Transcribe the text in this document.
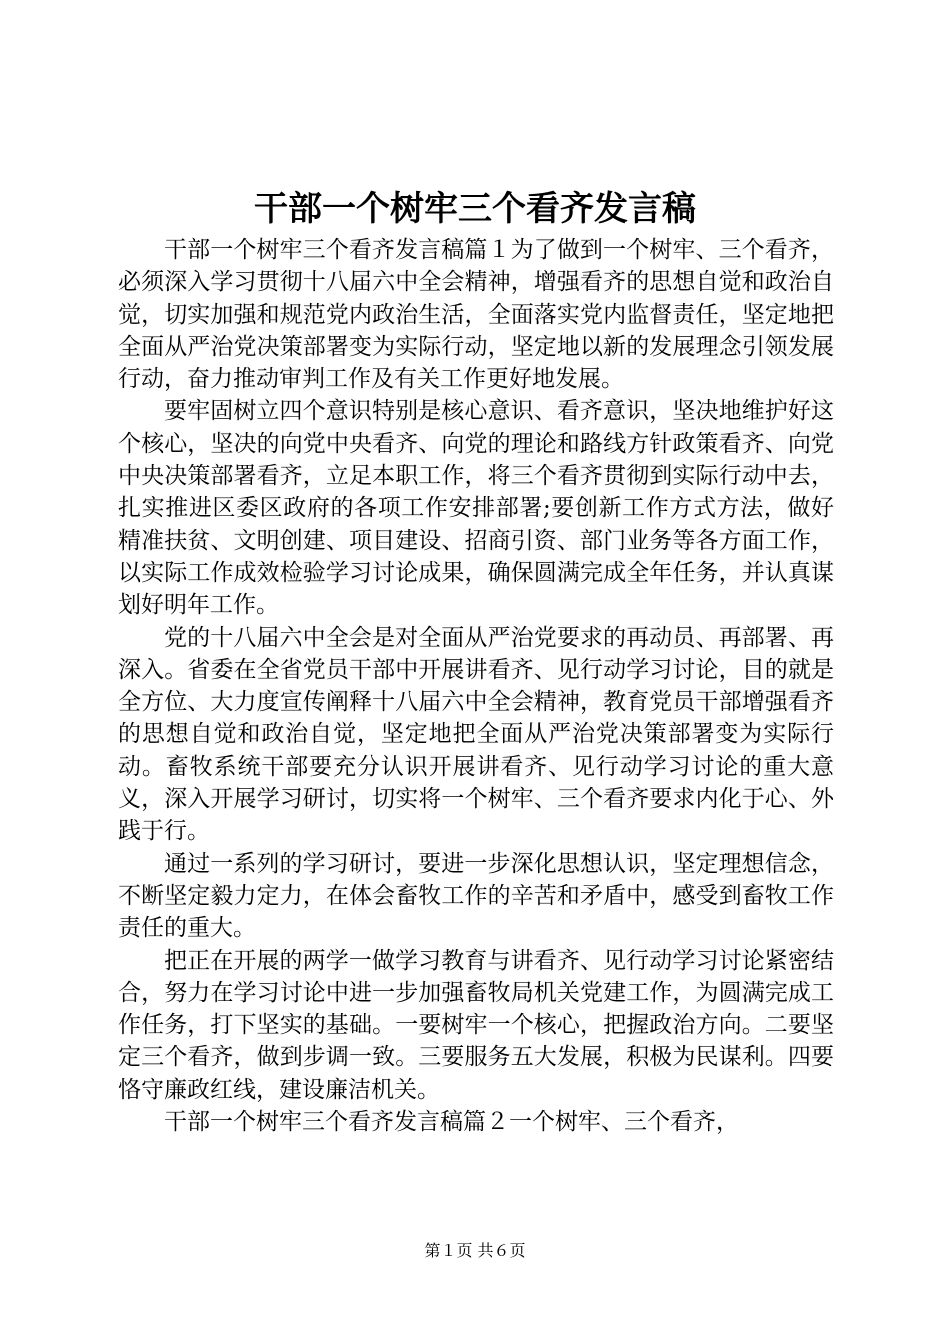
干部一个树牢三个看齐发言稿

干部一个树牢三个看齐发言稿篇１为了做到一个树牢、三个看齐，必须深入学习贯彻十八届六中全会精神，增强看齐的思想自觉和政治自觉，切实加强和规范党内政治生活，全面落实党内监督责任，坚定地把全面从严治党决策部署变为实际行动，坚定地以新的发展理念引领发展行动，奋力推动审判工作及有关工作更好地发展。

要牢固树立四个意识特别是核心意识、看齐意识，坚决地维护好这个核心，坚决的向党中央看齐、向党的理论和路线方针政策看齐、向党中央决策部署看齐，立足本职工作，将三个看齐贯彻到实际行动中去，扎实推进区委区政府的各项工作安排部署;要创新工作方式方法，做好精准扶贫、文明创建、项目建设、招商引资、部门业务等各方面工作，以实际工作成效检验学习讨论成果，确保圆满完成全年任务，并认真谋划好明年工作。

党的十八届六中全会是对全面从严治党要求的再动员、再部署、再深入。省委在全省党员干部中开展讲看齐、见行动学习讨论，目的就是全方位、大力度宣传阐释十八届六中全会精神，教育党员干部增强看齐的思想自觉和政治自觉，坚定地把全面从严治党决策部署变为实际行动。畜牧系统干部要充分认识开展讲看齐、见行动学习讨论的重大意义，深入开展学习研讨，切实将一个树牢、三个看齐要求内化于心、外践于行。

通过一系列的学习研讨，要进一步深化思想认识，坚定理想信念，不断坚定毅力定力，在体会畜牧工作的辛苦和矛盾中，感受到畜牧工作责任的重大。

把正在开展的两学一做学习教育与讲看齐、见行动学习讨论紧密结合，努力在学习讨论中进一步加强畜牧局机关党建工作，为圆满完成工作任务，打下坚实的基础。一要树牢一个核心，把握政治方向。二要坚定三个看齐，做到步调一致。三要服务五大发展，积极为民谋利。四要恪守廉政红线，建设廉洁机关。

干部一个树牢三个看齐发言稿篇２一个树牢、三个看齐，

第１页 共６页
